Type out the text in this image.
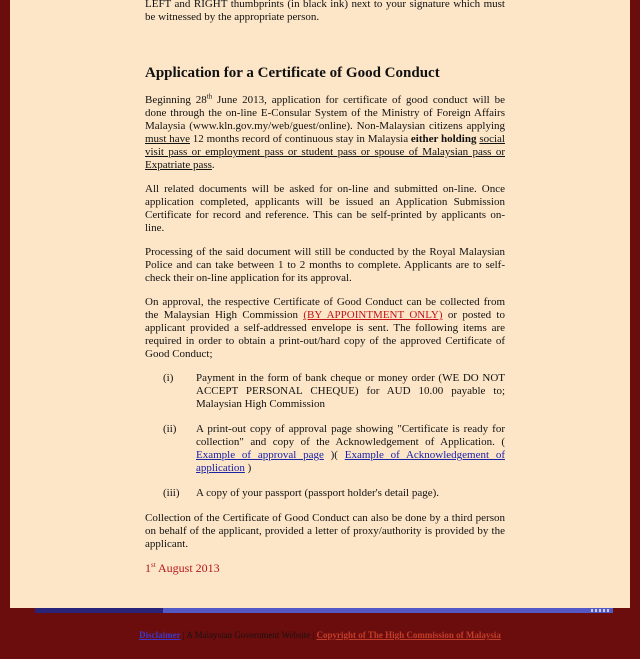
LEFT and RIGHT thumbprints (in black ink) next to your signature which must be witnessed by the appropriate person.

Application for a Certificate of Good Conduct

Beginning 28th June 2013, application for certificate of good conduct will be done through the on-line E-Consular System of the Ministry of Foreign Affairs Malaysia (www.kln.gov.my/web/guest/online). Non-Malaysian citizens applying must have 12 months record of continuous stay in Malaysia either holding social visit pass or employment pass or student pass or spouse of Malaysian pass or Expatriate pass.

All related documents will be asked for on-line and submitted on-line. Once application completed, applicants will be issued an Application Submission Certificate for record and reference. This can be self-printed by applicants on-line.

Processing of the said document will still be conducted by the Royal Malaysian Police and can take between 1 to 2 months to complete. Applicants are to self-check their on-line application for its approval.

On approval, the respective Certificate of Good Conduct can be collected from the Malaysian High Commission (BY APPOINTMENT ONLY) or posted to applicant provided a self-addressed envelope is sent. The following items are required in order to obtain a print-out/hard copy of the approved Certificate of Good Conduct;

(i)	Payment in the form of bank cheque or money order (WE DO NOT ACCEPT PERSONAL CHEQUE) for AUD 10.00 payable to; Malaysian High Commission
(ii)	A print-out copy of approval page showing "Certificate is ready for collection" and copy of the Acknowledgement of Application. ( Example of approval page )( Example of Acknowledgement of application )
(iii)	A copy of your passport (passport holder's detail page).

Collection of the Certificate of Good Conduct can also be done by a third person on behalf of the applicant, provided a letter of proxy/authority is provided by the applicant.

1st August 2013
Disclaimer | A Malaysian Government Website | Copyright of The High Commission of Malaysia
